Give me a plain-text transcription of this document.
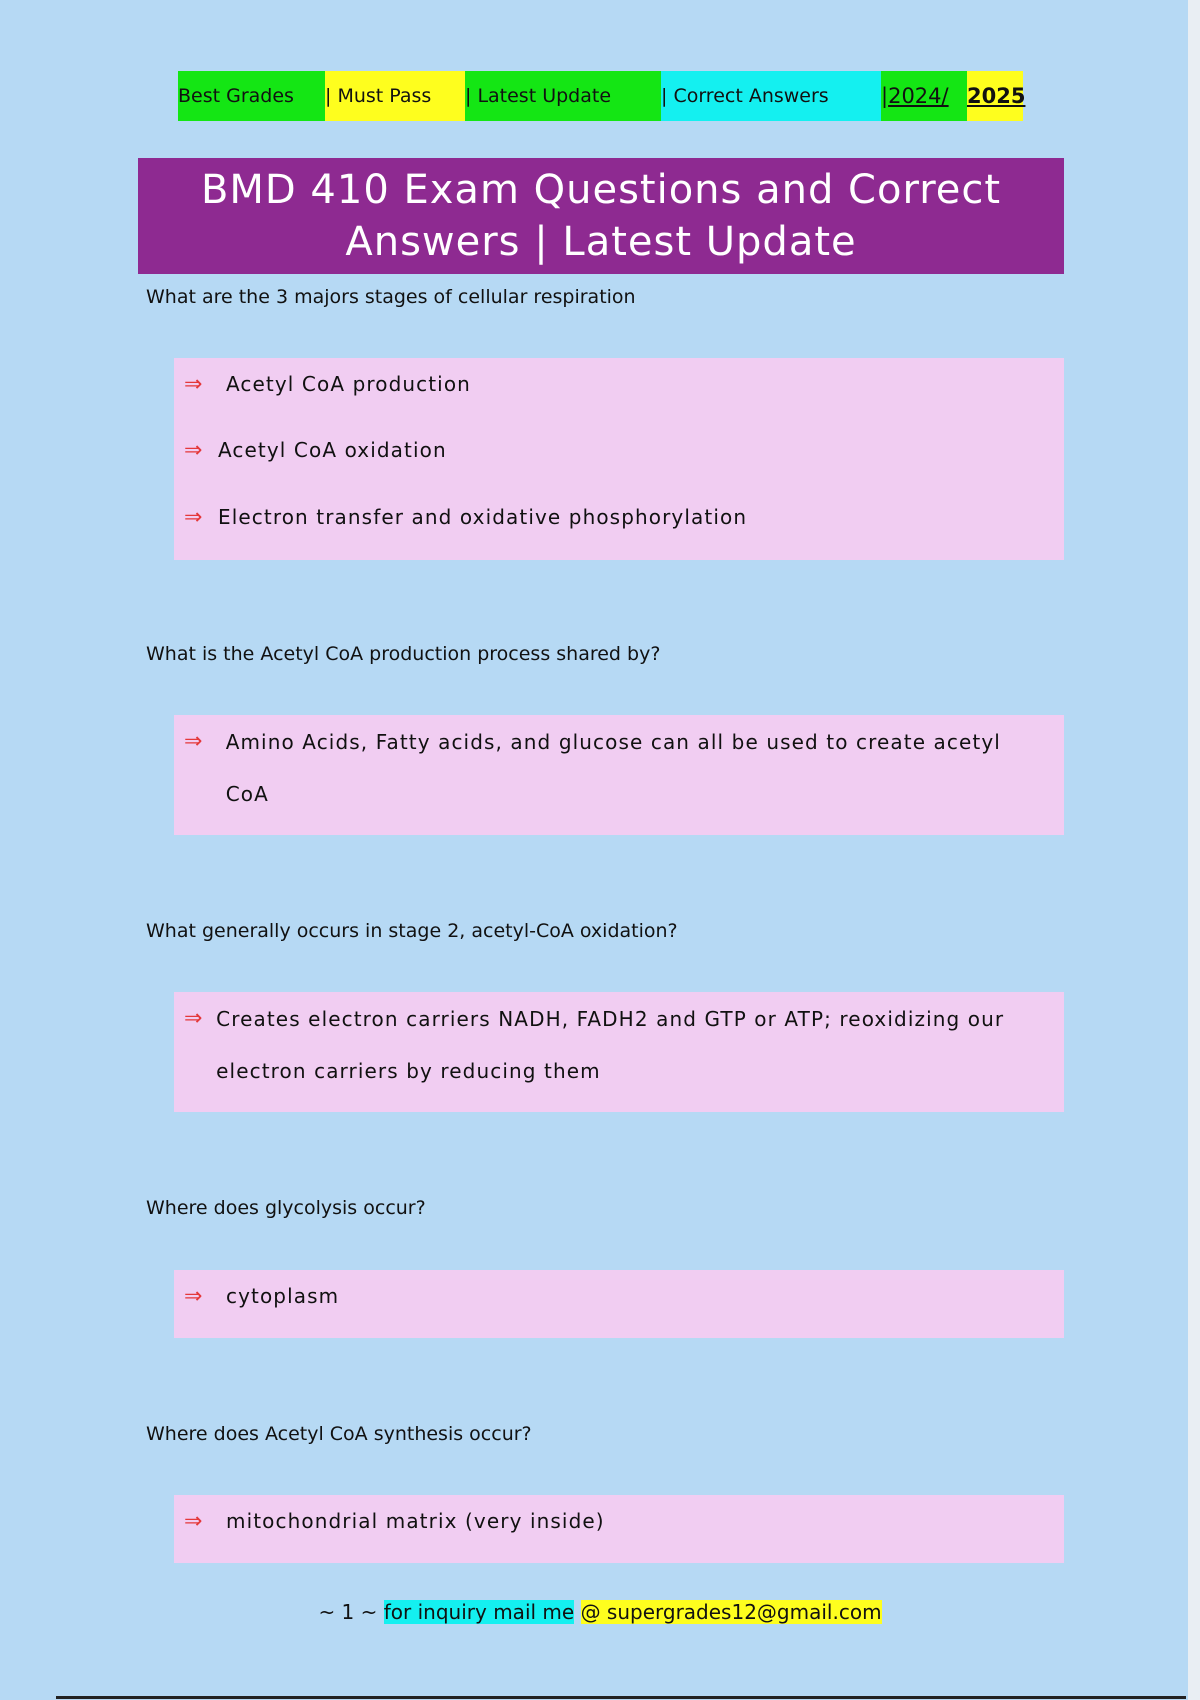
Best Grades | Must Pass | Latest Update	| Correct Answers | 2024/ 2025
BMD 410 Exam Questions and Correct Answers | Latest Update
What are the 3 majors stages of cellular respiration
⇒	Acetyl CoA production
⇒ Acetyl CoA oxidation
⇒ Electron transfer and oxidative phosphorylation
What is the Acetyl CoA production process shared by?
⇒	Amino Acids, Fatty acids, and glucose can all be used to create acetyl CoA
What generally occurs in stage 2, acetyl-CoA oxidation?
⇒ Creates electron carriers NADH, FADH2 and GTP or ATP; reoxidizing our electron carriers by reducing them
Where does glycolysis occur?
⇒	cytoplasm
Where does Acetyl CoA synthesis occur?
⇒	mitochondrial matrix (very inside)
~ 1 ~ for inquiry mail me @ supergrades12@gmail.com
